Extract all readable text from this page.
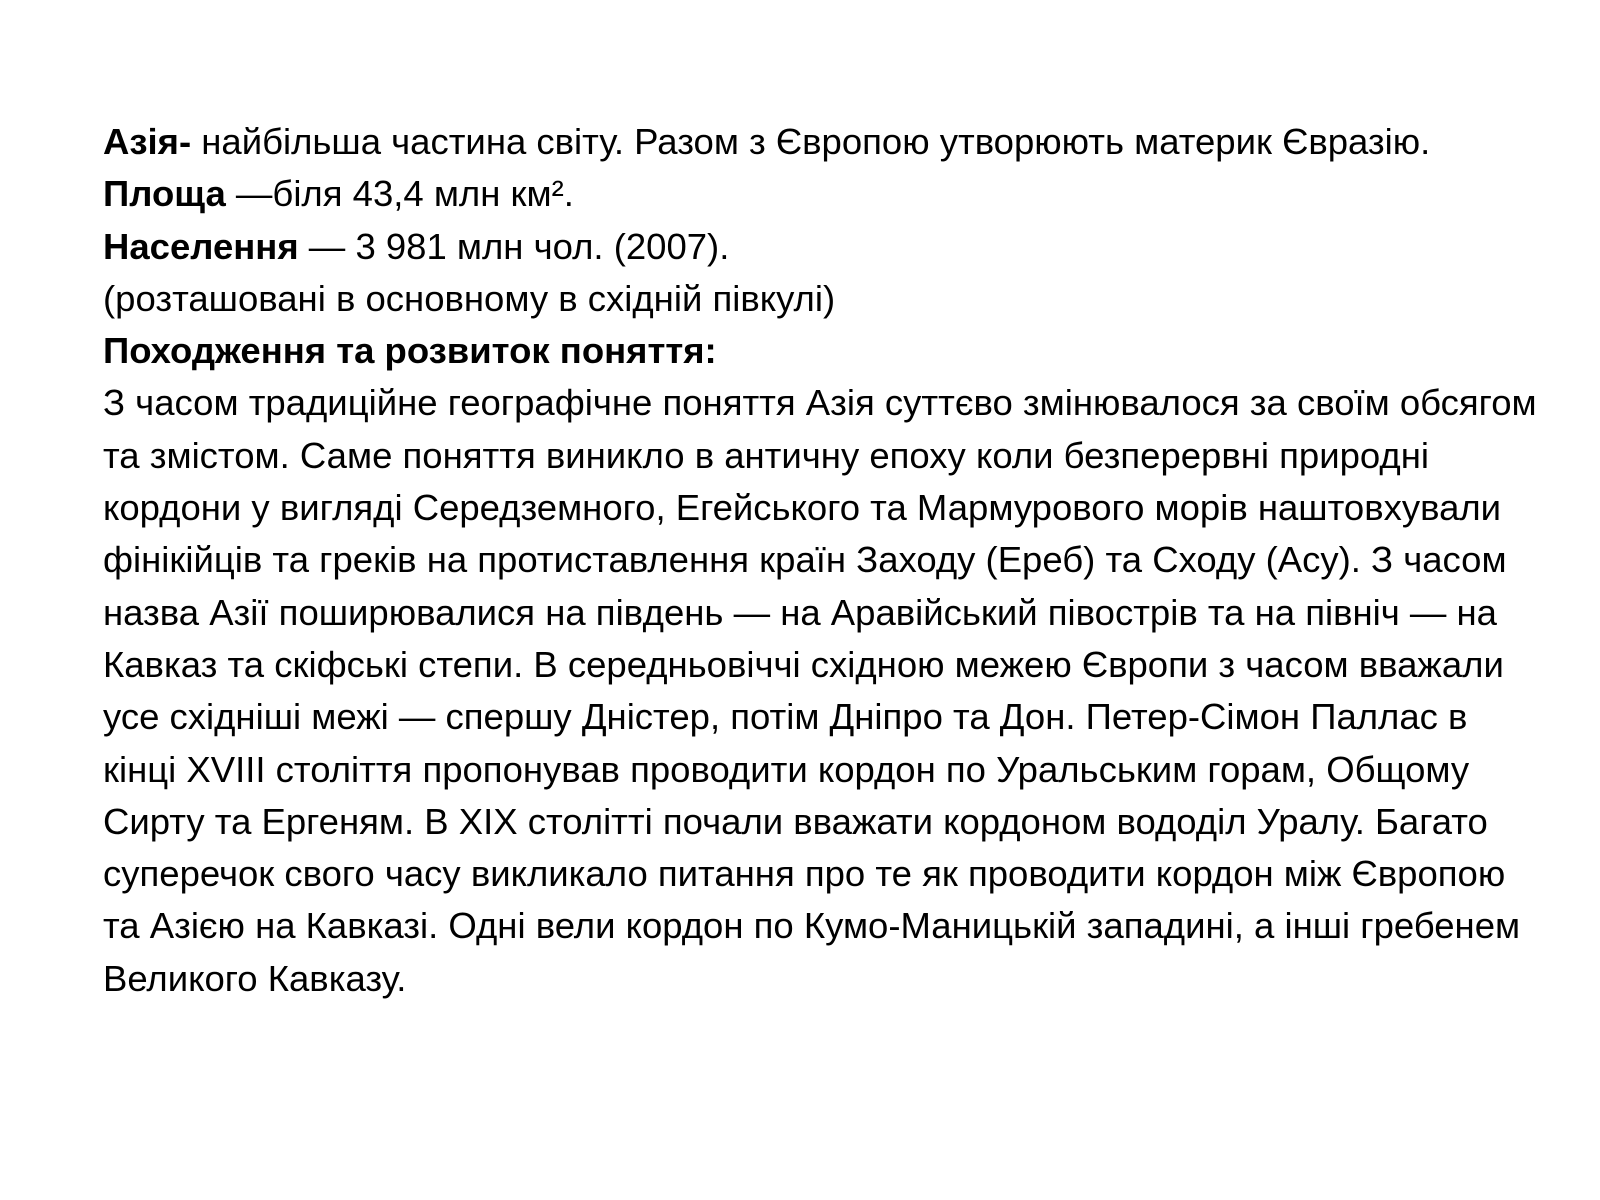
Азія- найбільша частина світу. Разом з Європою утворюють материк Євразію.

Площа —біля 43,4 млн км².

Населення — 3 981 млн чол. (2007).

(розташовані в основному в східній півкулі)

Походження та розвиток поняття:

З часом традиційне географічне поняття Азія суттєво змінювалося за своїм обсягом та змістом. Саме поняття виникло в античну епоху коли безперервні природні кордони у вигляді Середземного, Егейського та Мармурового морів наштовхували фінікійців та греків на протиставлення країн Заходу (Ереб) та Сходу (Асу). З часом назва Азії поширювалися на південь — на Аравійський півострів та на північ — на Кавказ та скіфські степи. В середньовіччі східною межею Європи з часом вважали усе східніші межі — спершу Дністер, потім Дніпро та Дон. Петер-Сімон Паллас в кінці XVIII століття пропонував проводити кордон по Уральським горам, Общому Сирту та Ергеням. В XIX столітті почали вважати кордоном вододіл Уралу. Багато суперечок свого часу викликало питання про те як проводити кордон між Європою та Азією на Кавказі. Одні вели кордон по Кумо-Маницькій западині, а інші гребенем Великого Кавказу.
